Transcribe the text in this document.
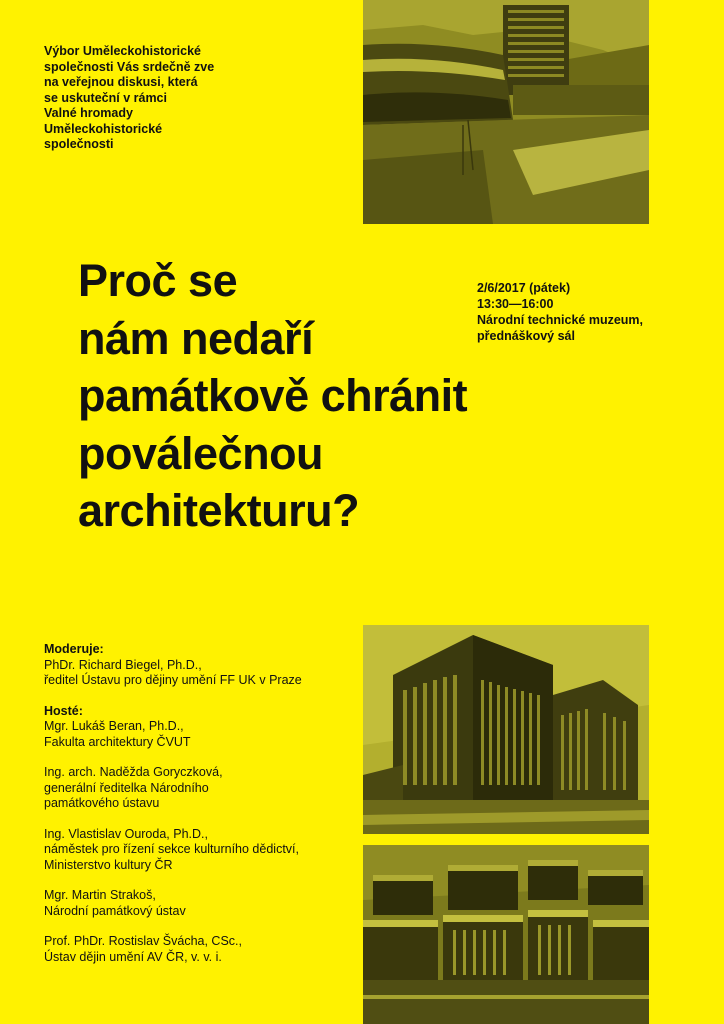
Výbor Uměleckohistorické
společnosti Vás srdečně zve
na veřejnou diskusi, která
se uskuteční v rámci
Valné hromady
Uměleckohistorické
společnosti
Proč se
nám nedaří
památkově chránit
poválečnou
architekturu?
2/6/2017 (pátek)
13:30—16:00
Národní technické muzeum,
přednáškový sál
Moderuje:
PhDr. Richard Biegel, Ph.D.,
ředitel Ústavu pro dějiny umění FF UK v Praze
Hosté:
Mgr. Lukáš Beran, Ph.D.,
Fakulta architektury ČVUT
Ing. arch. Naděžda Goryczková,
generální ředitelka Národního
památkového ústavu
Ing. Vlastislav Ouroda, Ph.D.,
náměstek pro řízení sekce kulturního dědictví,
Ministerstvo kultury ČR
Mgr. Martin Strakoš,
Národní památkový ústav
Prof. PhDr. Rostislav Švácha, CSc.,
Ústav dějin umění AV ČR, v. v. i.
